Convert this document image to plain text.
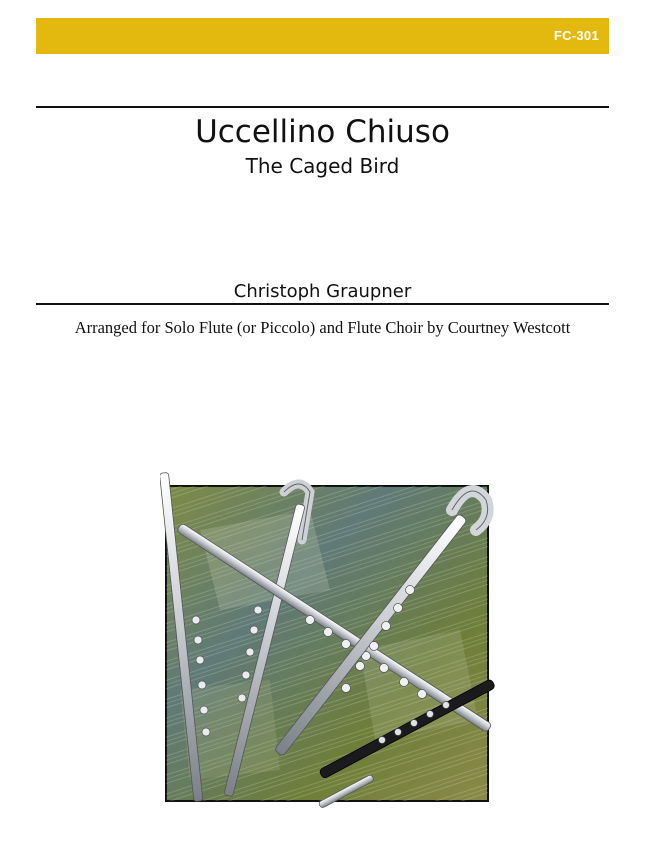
FC-301
Uccellino Chiuso
The Caged Bird
Christoph Graupner
Arranged for Solo Flute (or Piccolo) and Flute Choir by Courtney Westcott
